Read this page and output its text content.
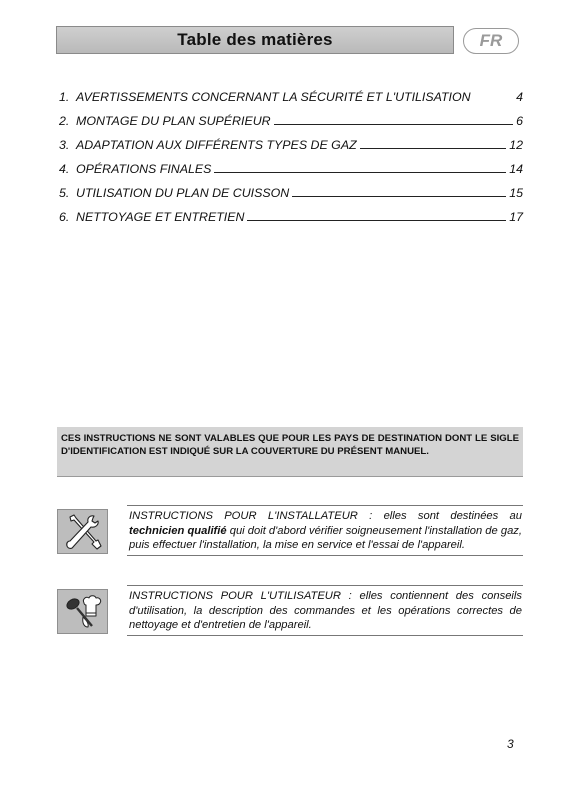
Table des matières	FR
1. AVERTISSEMENTS CONCERNANT LA SÉCURITÉ ET L'UTILISATION	4
2. MONTAGE DU PLAN SUPÉRIEUR	6
3. ADAPTATION AUX DIFFÉRENTS TYPES DE GAZ	12
4. OPÉRATIONS FINALES	14
5. UTILISATION DU PLAN DE CUISSON	15
6. NETTOYAGE ET ENTRETIEN	17
CES INSTRUCTIONS NE SONT VALABLES QUE POUR LES PAYS DE DESTINATION DONT LE SIGLE D'IDENTIFICATION EST INDIQUÉ SUR LA COUVERTURE DU PRÉSENT MANUEL.
INSTRUCTIONS POUR L'INSTALLATEUR : elles sont destinées au technicien qualifié qui doit d'abord vérifier soigneusement l'installation de gaz, puis effectuer l'installation, la mise en service et l'essai de l'appareil.
INSTRUCTIONS POUR L'UTILISATEUR : elles contiennent des conseils d'utilisation, la description des commandes et les opérations correctes de nettoyage et d'entretien de l'appareil.
3
